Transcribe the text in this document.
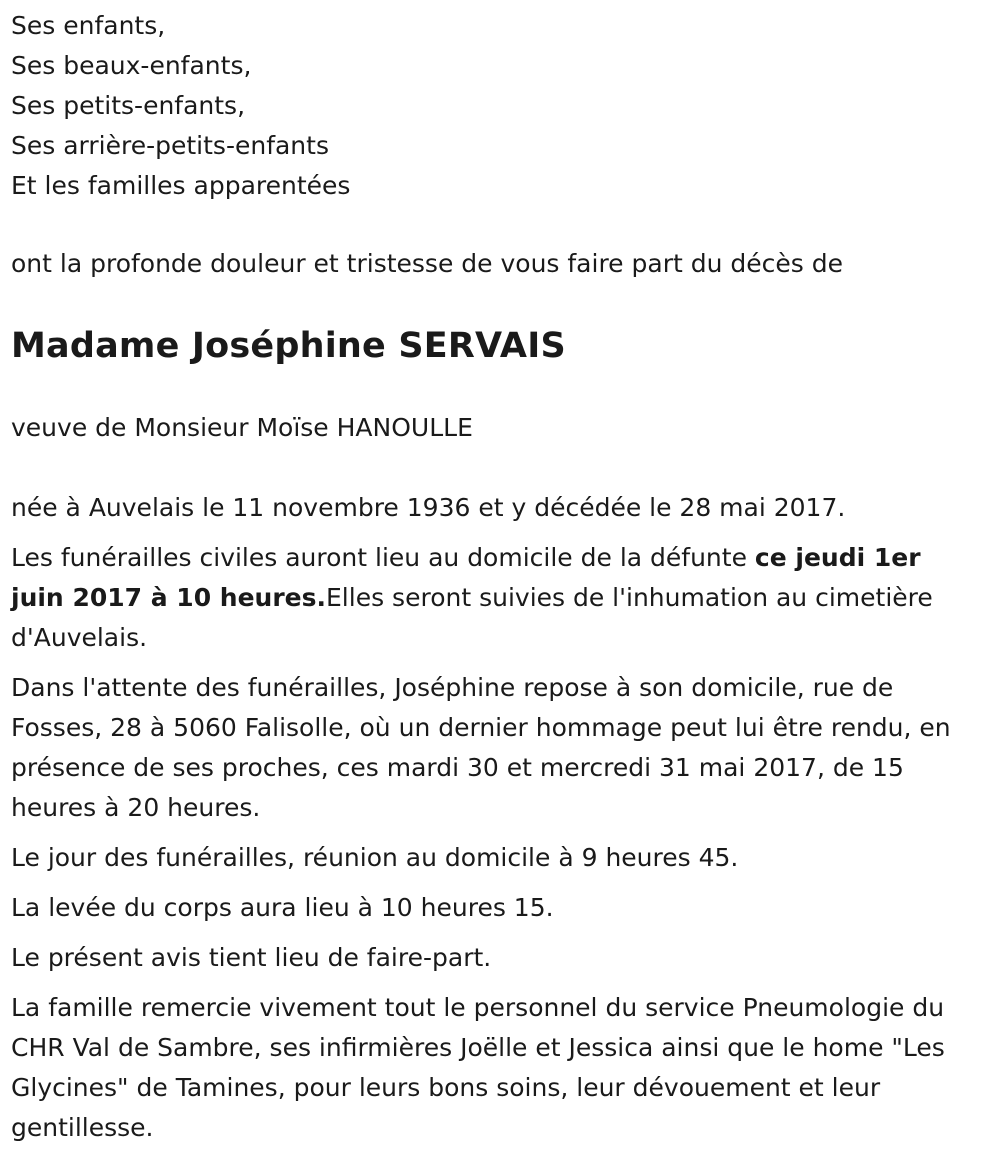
Ses enfants,

Ses beaux-enfants,

Ses petits-enfants,

Ses arrière-petits-enfants

Et les familles apparentées

ont la profonde douleur et tristesse de vous faire part du décès de

Madame Joséphine SERVAIS

veuve de Monsieur Moïse HANOULLE

née à Auvelais le 11 novembre 1936 et y décédée le 28 mai 2017.

Les funérailles civiles auront lieu au domicile de la défunte ce jeudi 1er juin 2017 à 10 heures.Elles seront suivies de l'inhumation au cimetière d'Auvelais.

Dans l'attente des funérailles, Joséphine repose à son domicile, rue de Fosses, 28 à 5060 Falisolle, où un dernier hommage peut lui être rendu, en présence de ses proches, ces mardi 30 et mercredi 31 mai 2017, de 15 heures à 20 heures.

Le jour des funérailles, réunion au domicile à 9 heures 45.

La levée du corps aura lieu à 10 heures 15.

Le présent avis tient lieu de faire-part.

La famille remercie vivement tout le personnel du service Pneumologie du CHR Val de Sambre, ses infirmières Joëlle et Jessica ainsi que le home "Les Glycines" de Tamines, pour leurs bons soins, leur dévouement et leur gentillesse.
